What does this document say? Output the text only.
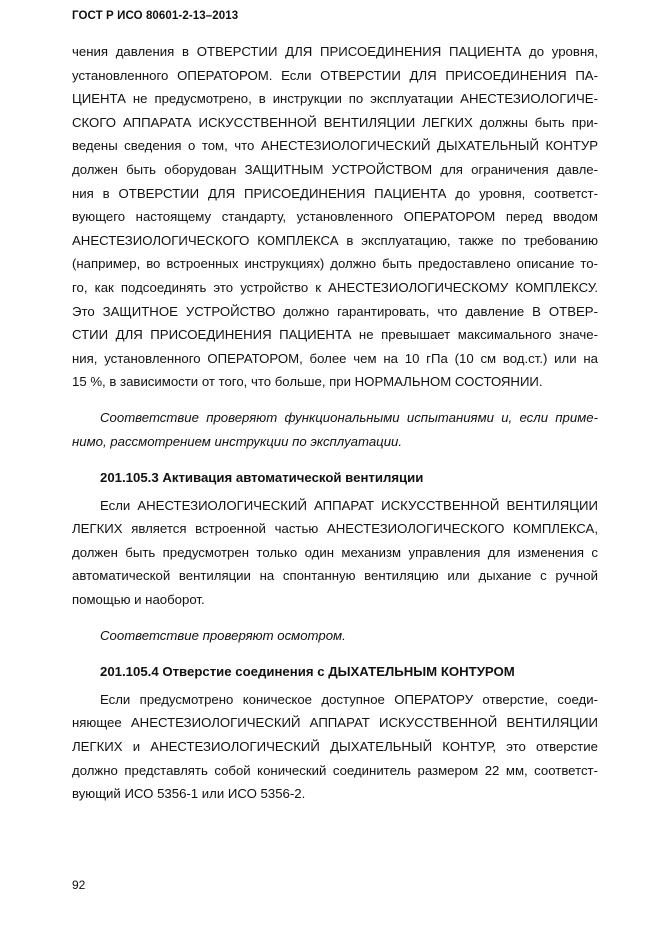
ГОСТ Р ИСО 80601-2-13–2013
чения давления в ОТВЕРСТИИ ДЛЯ ПРИСОЕДИНЕНИЯ ПАЦИЕНТА до уровня,
установленного ОПЕРАТОРОМ. Если ОТВЕРСТИИ ДЛЯ ПРИСОЕДИНЕНИЯ ПА-
ЦИЕНТА не предусмотрено, в инструкции по эксплуатации АНЕСТЕЗИОЛОГИЧЕ-
СКОГО АППАРАТА ИСКУССТВЕННОЙ ВЕНТИЛЯЦИИ ЛЕГКИХ должны быть при-
ведены сведения о том, что АНЕСТЕЗИОЛОГИЧЕСКИЙ ДЫХАТЕЛЬНЫЙ КОНТУР
должен быть оборудован ЗАЩИТНЫМ УСТРОЙСТВОМ для ограничения давле-
ния в ОТВЕРСТИИ ДЛЯ ПРИСОЕДИНЕНИЯ ПАЦИЕНТА до уровня, соответст-
вующего настоящему стандарту, установленного ОПЕРАТОРОМ перед вводом
АНЕСТЕЗИОЛОГИЧЕСКОГО КОМПЛЕКСА в эксплуатацию, также по требованию
(например, во встроенных инструкциях) должно быть предоставлено описание то-
го, как подсоединять это устройство к АНЕСТЕЗИОЛОГИЧЕСКОМУ КОМПЛЕКСУ.
Это ЗАЩИТНОЕ УСТРОЙСТВО должно гарантировать, что давление В ОТВЕР-
СТИИ ДЛЯ ПРИСОЕДИНЕНИЯ ПАЦИЕНТА не превышает максимального значе-
ния, установленного ОПЕРАТОРОМ, более чем на 10 гПа (10 см вод.ст.) или на
15 %, в зависимости от того, что больше, при НОРМАЛЬНОМ СОСТОЯНИИ.
Соответствие проверяют функциональными испытаниями и, если приме-
нимо, рассмотрением инструкции по эксплуатации.
201.105.3 Активация автоматической вентиляции
Если АНЕСТЕЗИОЛОГИЧЕСКИЙ АППАРАТ ИСКУССТВЕННОЙ ВЕНТИЛЯЦИИ
ЛЕГКИХ является встроенной частью АНЕСТЕЗИОЛОГИЧЕСКОГО КОМПЛЕКСА,
должен быть предусмотрен только один механизм управления для изменения с
автоматической вентиляции на спонтанную вентиляцию или дыхание с ручной
помощью и наоборот.
Соответствие проверяют осмотром.
201.105.4 Отверстие соединения с ДЫХАТЕЛЬНЫМ КОНТУРОМ
Если предусмотрено коническое доступное ОПЕРАТОРУ отверстие, соеди-
няющее АНЕСТЕЗИОЛОГИЧЕСКИЙ АППАРАТ ИСКУССТВЕННОЙ ВЕНТИЛЯЦИИ
ЛЕГКИХ и АНЕСТЕЗИОЛОГИЧЕСКИЙ ДЫХАТЕЛЬНЫЙ КОНТУР, это отверстие
должно представлять собой конический соединитель размером 22 мм, соответст-
вующий ИСО 5356-1 или ИСО 5356-2.
92
